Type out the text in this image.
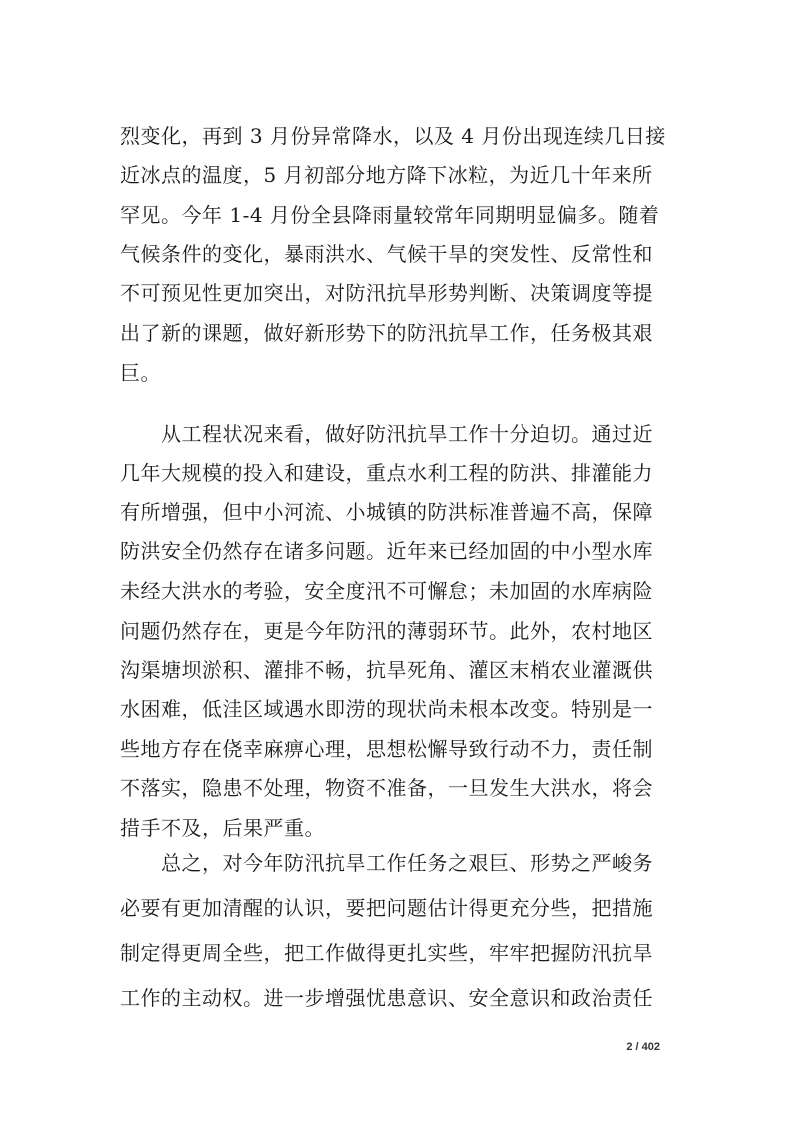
烈变化，再到 3 月份异常降水，以及 4 月份出现连续几日接
近冰点的温度，5 月初部分地方降下冰粒，为近几十年来所
罕见。今年 1-4 月份全县降雨量较常年同期明显偏多。随着
气候条件的变化，暴雨洪水、气候干旱的突发性、反常性和
不可预见性更加突出，对防汛抗旱形势判断、决策调度等提
出了新的课题，做好新形势下的防汛抗旱工作，任务极其艰
巨。
从工程状况来看，做好防汛抗旱工作十分迫切。通过近
几年大规模的投入和建设，重点水利工程的防洪、排灌能力
有所增强，但中小河流、小城镇的防洪标准普遍不高，保障
防洪安全仍然存在诸多问题。近年来已经加固的中小型水库
未经大洪水的考验，安全度汛不可懈怠；未加固的水库病险
问题仍然存在，更是今年防汛的薄弱环节。此外，农村地区
沟渠塘坝淤积、灌排不畅，抗旱死角、灌区末梢农业灌溉供
水困难，低洼区域遇水即涝的现状尚未根本改变。特别是一
些地方存在侥幸麻痹心理，思想松懈导致行动不力，责任制
不落实，隐患不处理，物资不准备，一旦发生大洪水，将会
措手不及，后果严重。
总之，对今年防汛抗旱工作任务之艰巨、形势之严峻务
必要有更加清醒的认识，要把问题估计得更充分些，把措施
制定得更周全些，把工作做得更扎实些，牢牢把握防汛抗旱
工作的主动权。进一步增强忧患意识、安全意识和政治责任
2 / 402
